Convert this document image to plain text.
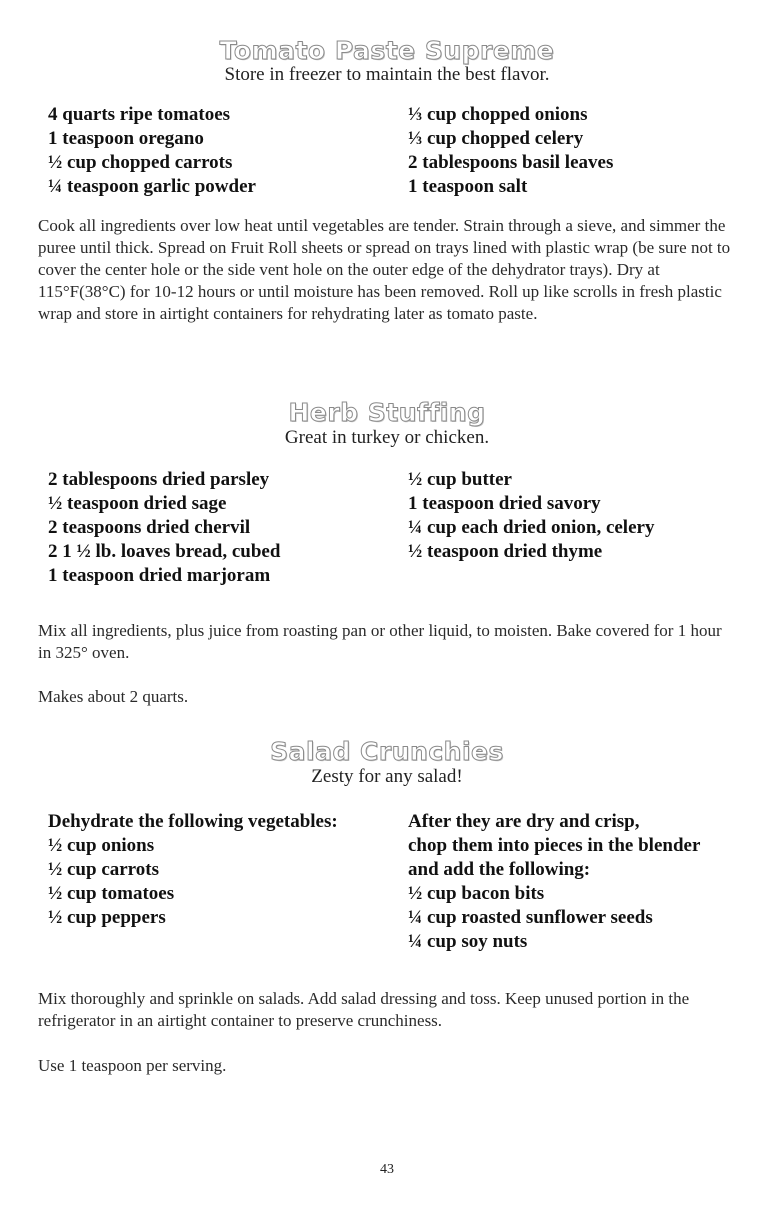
Tomato Paste Supreme
Store in freezer to maintain the best flavor.
4 quarts ripe tomatoes
1 teaspoon oregano
½ cup chopped carrots
¼ teaspoon garlic powder
⅓ cup chopped onions
⅓ cup chopped celery
2 tablespoons basil leaves
1 teaspoon salt

Cook all ingredients over low heat until vegetables are tender. Strain through a sieve, and simmer the puree until thick. Spread on Fruit Roll sheets or spread on trays lined with plastic wrap (be sure not to cover the center hole or the side vent hole on the outer edge of the dehydrator trays). Dry at 115°F(38°C) for 10-12 hours or until moisture has been removed. Roll up like scrolls in fresh plastic wrap and store in airtight containers for rehydrating later as tomato paste.

Herb Stuffing
Great in turkey or chicken.
2 tablespoons dried parsley
½ teaspoon dried sage
2 teaspoons dried chervil
2 1 ½ lb. loaves bread, cubed
1 teaspoon dried marjoram
½ cup butter
1 teaspoon dried savory
¼ cup each dried onion, celery
½ teaspoon dried thyme

Mix all ingredients, plus juice from roasting pan or other liquid, to moisten. Bake covered for 1 hour in 325° oven.

Makes about 2 quarts.

Salad Crunchies
Zesty for any salad!
Dehydrate the following vegetables:
½ cup onions
½ cup carrots
½ cup tomatoes
½ cup peppers
After they are dry and crisp,
chop them into pieces in the blender
and add the following:
½ cup bacon bits
¼ cup roasted sunflower seeds
¼ cup soy nuts

Mix thoroughly and sprinkle on salads. Add salad dressing and toss. Keep unused portion in the refrigerator in an airtight container to preserve crunchiness.

Use 1 teaspoon per serving.

43
